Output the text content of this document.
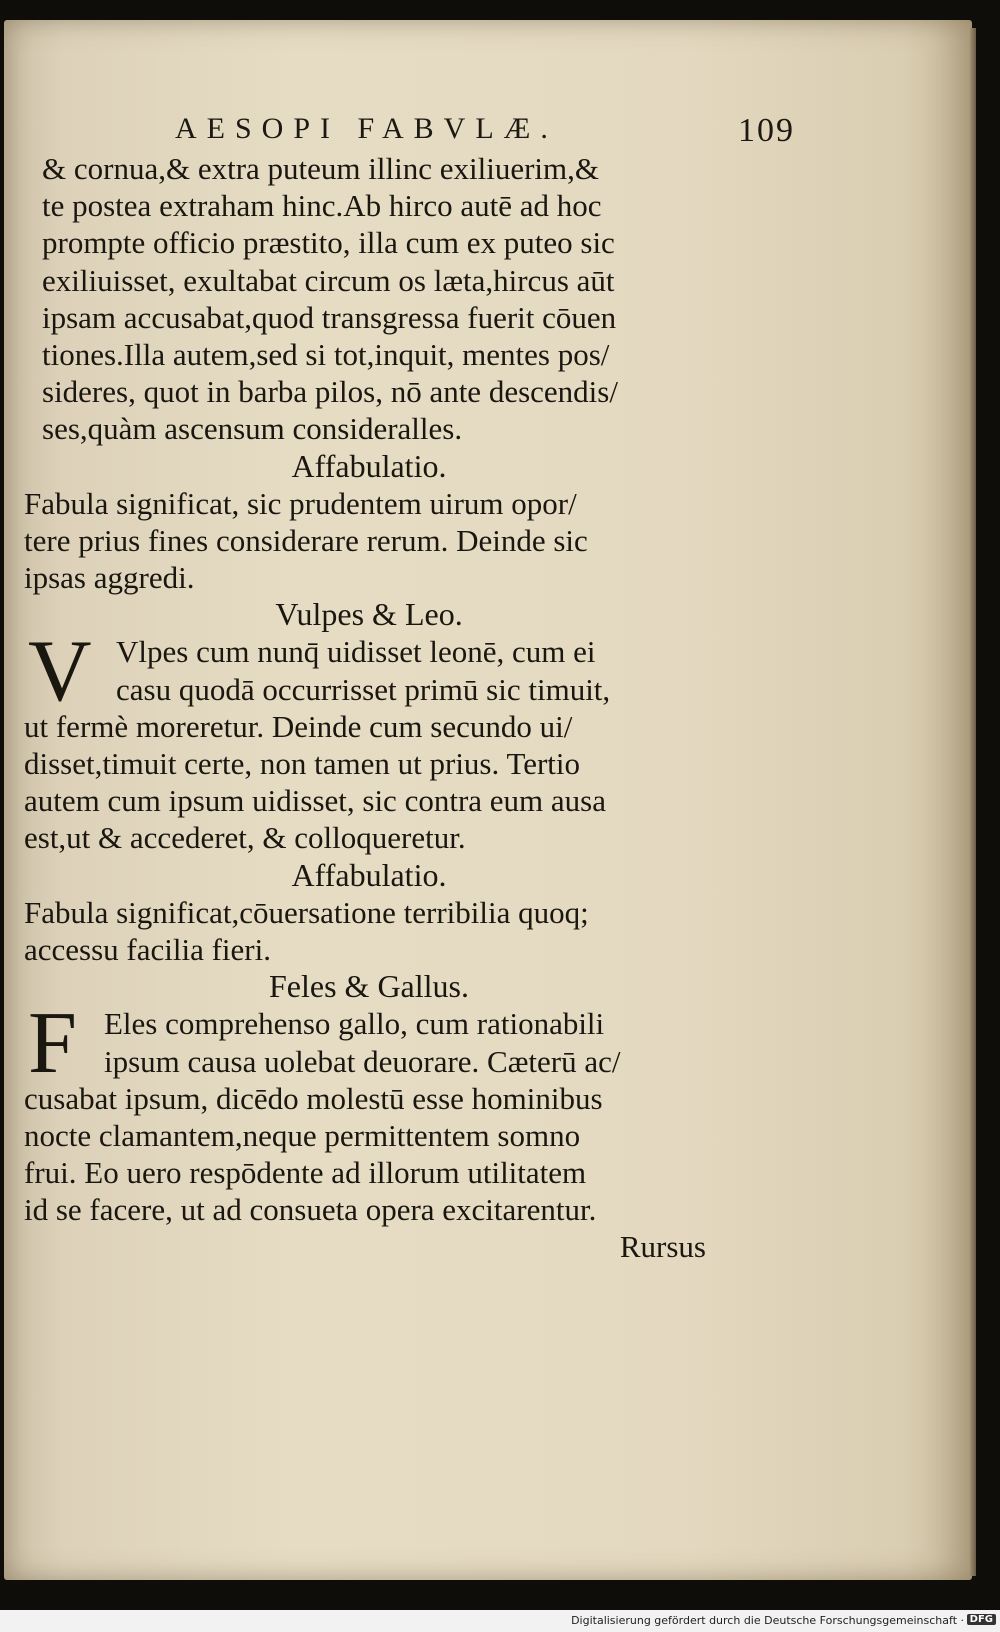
AESOPI FABVLÆ.	109
& cornua,& extra puteum illinc exiliuerim,&
te postea extraham hinc.Ab hirco autē ad hoc
prompte officio præstito, illa cum ex puteo sic
exiliuisset, exultabat circum os læta,hircus aūt
ipsam accusabat,quod transgressa fuerit cōuen
tiones.Illa autem,sed si tot,inquit, mentes pos/
sideres, quot in barba pilos, nō ante descendis/
ses,quàm ascensum consideralles.
Affabulatio.
Fabula significat, sic prudentem uirum opor/
tere prius fines considerare rerum. Deinde sic
ipsas aggredi.
Vulpes & Leo.
V Vlpes cum nunq̄ uidisset leonē, cum ei
casu quodā occurrisset primū sic timuit,
ut fermè moreretur. Deinde cum secundo ui/
disset,timuit certe, non tamen ut prius. Tertio
autem cum ipsum uidisset, sic contra eum ausa
est,ut & accederet, & colloqueretur.
Affabulatio.
Fabula significat,cōuersatione terribilia quoq;
accessu facilia fieri.
Feles & Gallus.
F Eles comprehenso gallo, cum rationabili
ipsum causa uolebat deuorare. Cæterū ac/
cusabat ipsum, dicēdo molestū esse hominibus
nocte clamantem,neque permittentem somno
frui. Eo uero respōdente ad illorum utilitatem
id se facere, ut ad consueta opera excitarentur.
Rursus
Digitalisierung gefördert durch die Deutsche Forschungsgemeinschaft · DFG
